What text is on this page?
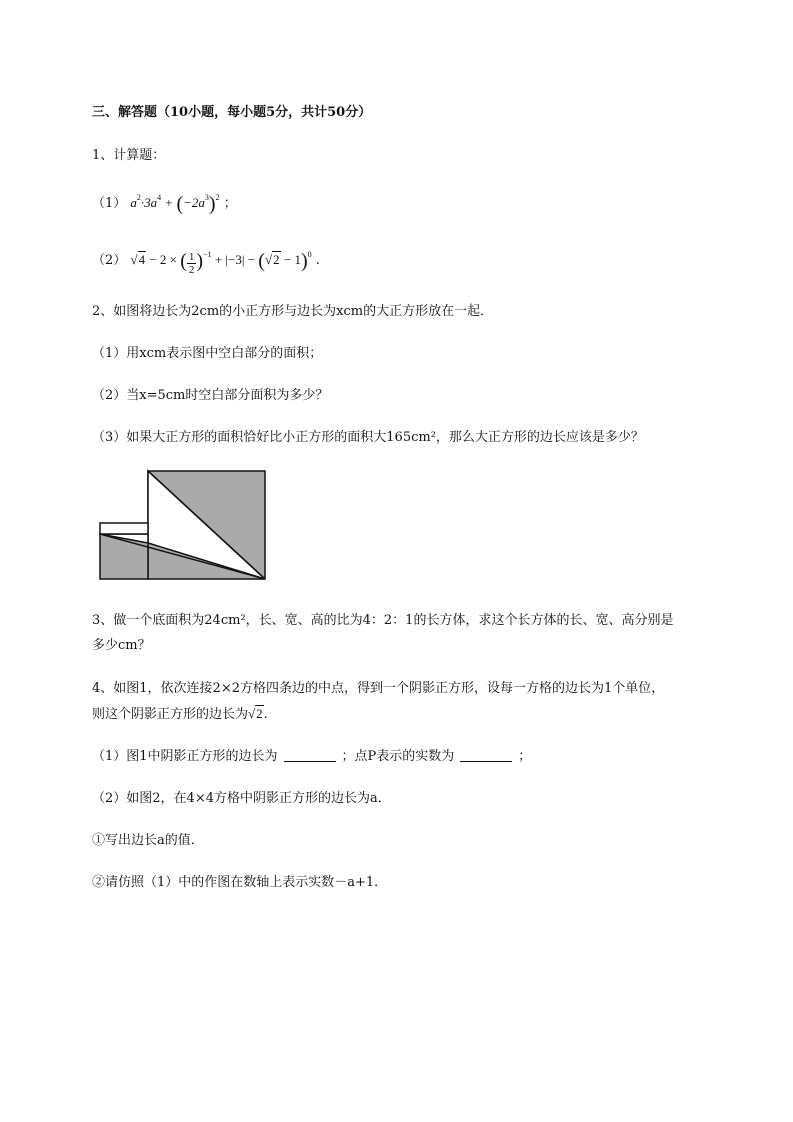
三、解答题（10小题，每小题5分，共计50分）
1、计算题：
（1） $a^2\cdot 3a^4 + (-2a^3)^2$ ；
（2） √4 − 2 × ( $\frac{1}{2} )^{-1} + |-3| - (√2 - 1)^0$ .
2、如图将边长为2cm的小正方形与边长为xcm的大正方形放在一起．
（1）用xcm表示图中空白部分的面积；
（2）当x=5cm时空白部分面积为多少？
（3）如果大正方形的面积恰好比小正方形的面积大165cm²，那么大正方形的边长应该是多少？
3、做一个底面积为24cm²，长、宽、高的比为4：2：1的长方体，求这个长方体的长、宽、高分别是
多少cm？
4、如图1，依次连接2×2方格四条边的中点，得到一个阴影正方形，设每一方格的边长为1个单位，
则这个阴影正方形的边长为√2.
（1）图1中阴影正方形的边长为	；点P表示的实数为	；
（2）如图2，在4×4方格中阴影正方形的边长为a．
①写出边长a的值．
②请仿照（1）中的作图在数轴上表示实数－a+1．
